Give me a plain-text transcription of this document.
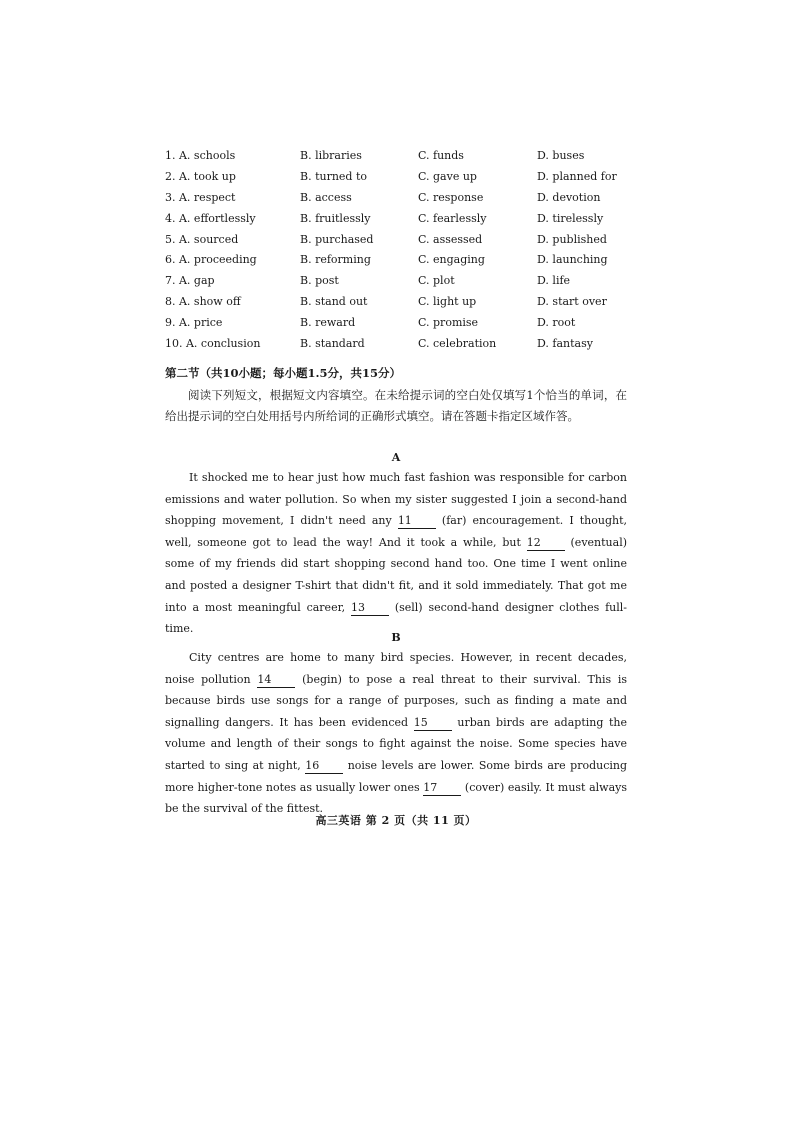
1. A. schools	B. libraries	C. funds	D. buses
2. A. took up	B. turned to	C. gave up	D. planned for
3. A. respect	B. access	C. response	D. devotion
4. A. effortlessly	B. fruitlessly	C. fearlessly	D. tirelessly
5. A. sourced	B. purchased	C. assessed	D. published
6. A. proceeding	B. reforming	C. engaging	D. launching
7. A. gap	B. post	C. plot	D. life
8. A. show off	B. stand out	C. light up	D. start over
9. A. price	B. reward	C. promise	D. root
10. A. conclusion	B. standard	C. celebration	D. fantasy
第二节（共10小题；每小题1.5分，共15分）
阅读下列短文，根据短文内容填空。在未给提示词的空白处仅填写1个恰当的单词，在给出提示词的空白处用括号内所给词的正确形式填空。请在答题卡指定区域作答。
A

It shocked me to hear just how much fast fashion was responsible for carbon emissions and water pollution. So when my sister suggested I join a second-hand shopping movement, I didn't need any 11	(far) encouragement. I thought, well, someone got to lead the way! And it took a while, but 12	(eventual) some of my friends did start shopping second hand too. One time I went online and posted a designer T-shirt that didn't fit, and it sold immediately. That got me into a most meaningful career, 13	(sell) second-hand designer clothes full-time.

B

City centres are home to many bird species. However, in recent decades, noise pollution 14	(begin) to pose a real threat to their survival. This is because birds use songs for a range of purposes, such as finding a mate and signalling dangers. It has been evidenced 15	urban birds are adapting the volume and length of their songs to fight against the noise. Some species have started to sing at night, 16	noise levels are lower. Some birds are producing more higher-tone notes as usually lower ones 17	(cover) easily. It must always be the survival of the fittest.

高三英语 第 2 页（共 11 页）
